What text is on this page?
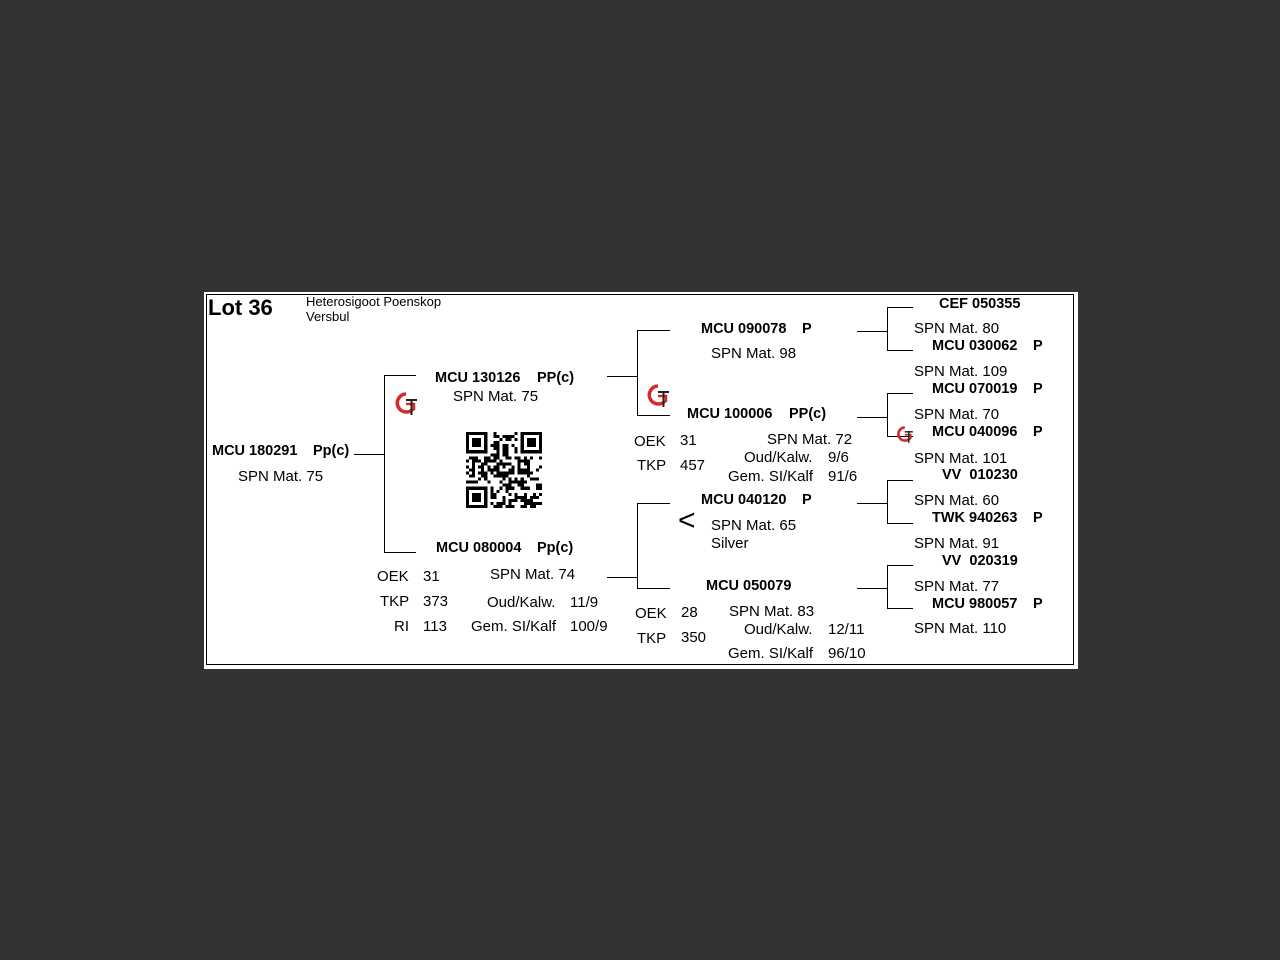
Lot 36	Heterosigoot Poenskop
Versbul
MCU 180291 Pp(c)
SPN Mat. 75
MCU 130126 PP(c)
SPN Mat. 75
MCU 080004 Pp(c)
SPN Mat. 74
OEK 31
TKP 373
RI 113
Oud/Kalw. 11/9
Gem. SI/Kalf 100/9
MCU 090078 P
SPN Mat. 98
MCU 100006 PP(c)
SPN Mat. 72
OEK 31
TKP 457	Oud/Kalw. 9/6
Gem. SI/Kalf 91/6
MCU 040120 P
< SPN Mat. 65
Silver
MCU 050079
SPN Mat. 83
OEK 28
TKP 350	Oud/Kalw. 12/11
Gem. SI/Kalf 96/10
CEF 050355
SPN Mat. 80
MCU 030062 P
SPN Mat. 109
MCU 070019 P
SPN Mat. 70
MCU 040096 P
SPN Mat. 101
VV  010230
SPN Mat. 60
TWK 940263 P
SPN Mat. 91
VV  020319
SPN Mat. 77
MCU 980057 P
SPN Mat. 110
